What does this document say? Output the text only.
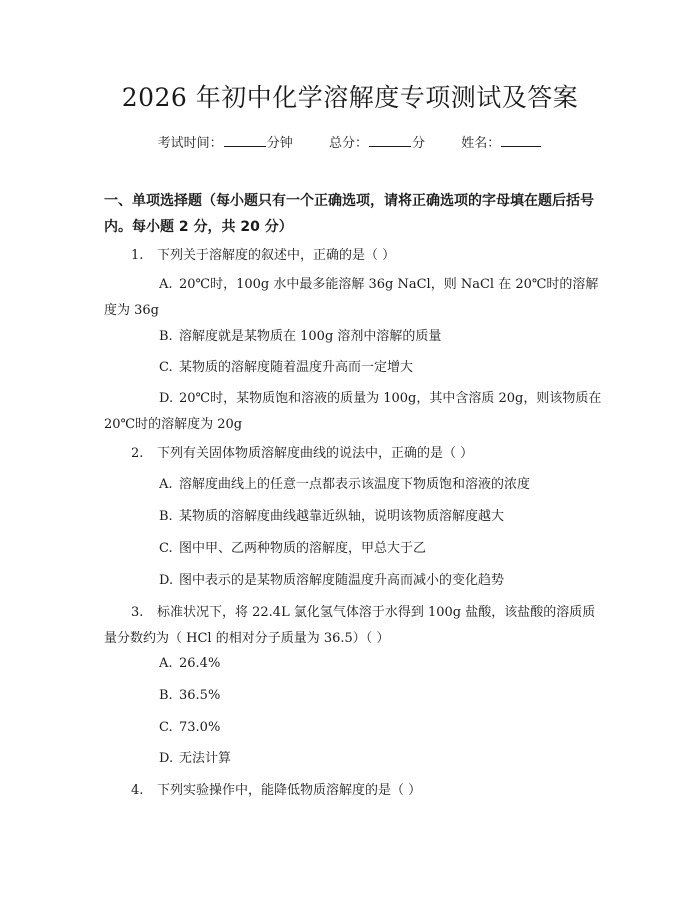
2026 年初中化学溶解度专项测试及答案
考试时间：	分钟	总分：	分	姓名：
一、单项选择题（每小题只有一个正确选项，请将正确选项的字母填在题后括号内。每小题 2 分，共 20 分）
1. 下列关于溶解度的叙述中，正确的是（ ）
A. 20℃时，100g 水中最多能溶解 36g NaCl，则 NaCl 在 20℃时的溶解度为 36g
B. 溶解度就是某物质在 100g 溶剂中溶解的质量
C. 某物质的溶解度随着温度升高而一定增大
D. 20℃时，某物质饱和溶液的质量为 100g，其中含溶质 20g，则该物质在 20℃时的溶解度为 20g
2. 下列有关固体物质溶解度曲线的说法中，正确的是（ ）
A. 溶解度曲线上的任意一点都表示该温度下物质饱和溶液的浓度
B. 某物质的溶解度曲线越靠近纵轴，说明该物质溶解度越大
C. 图中甲、乙两种物质的溶解度，甲总大于乙
D. 图中表示的是某物质溶解度随温度升高而减小的变化趋势
3. 标准状况下，将 22.4L 氯化氢气体溶于水得到 100g 盐酸，该盐酸的溶质质量分数约为（ HCl 的相对分子质量为 36.5）（ ）
A. 26.4%
B. 36.5%
C. 73.0%
D. 无法计算
4. 下列实验操作中，能降低物质溶解度的是（ ）
